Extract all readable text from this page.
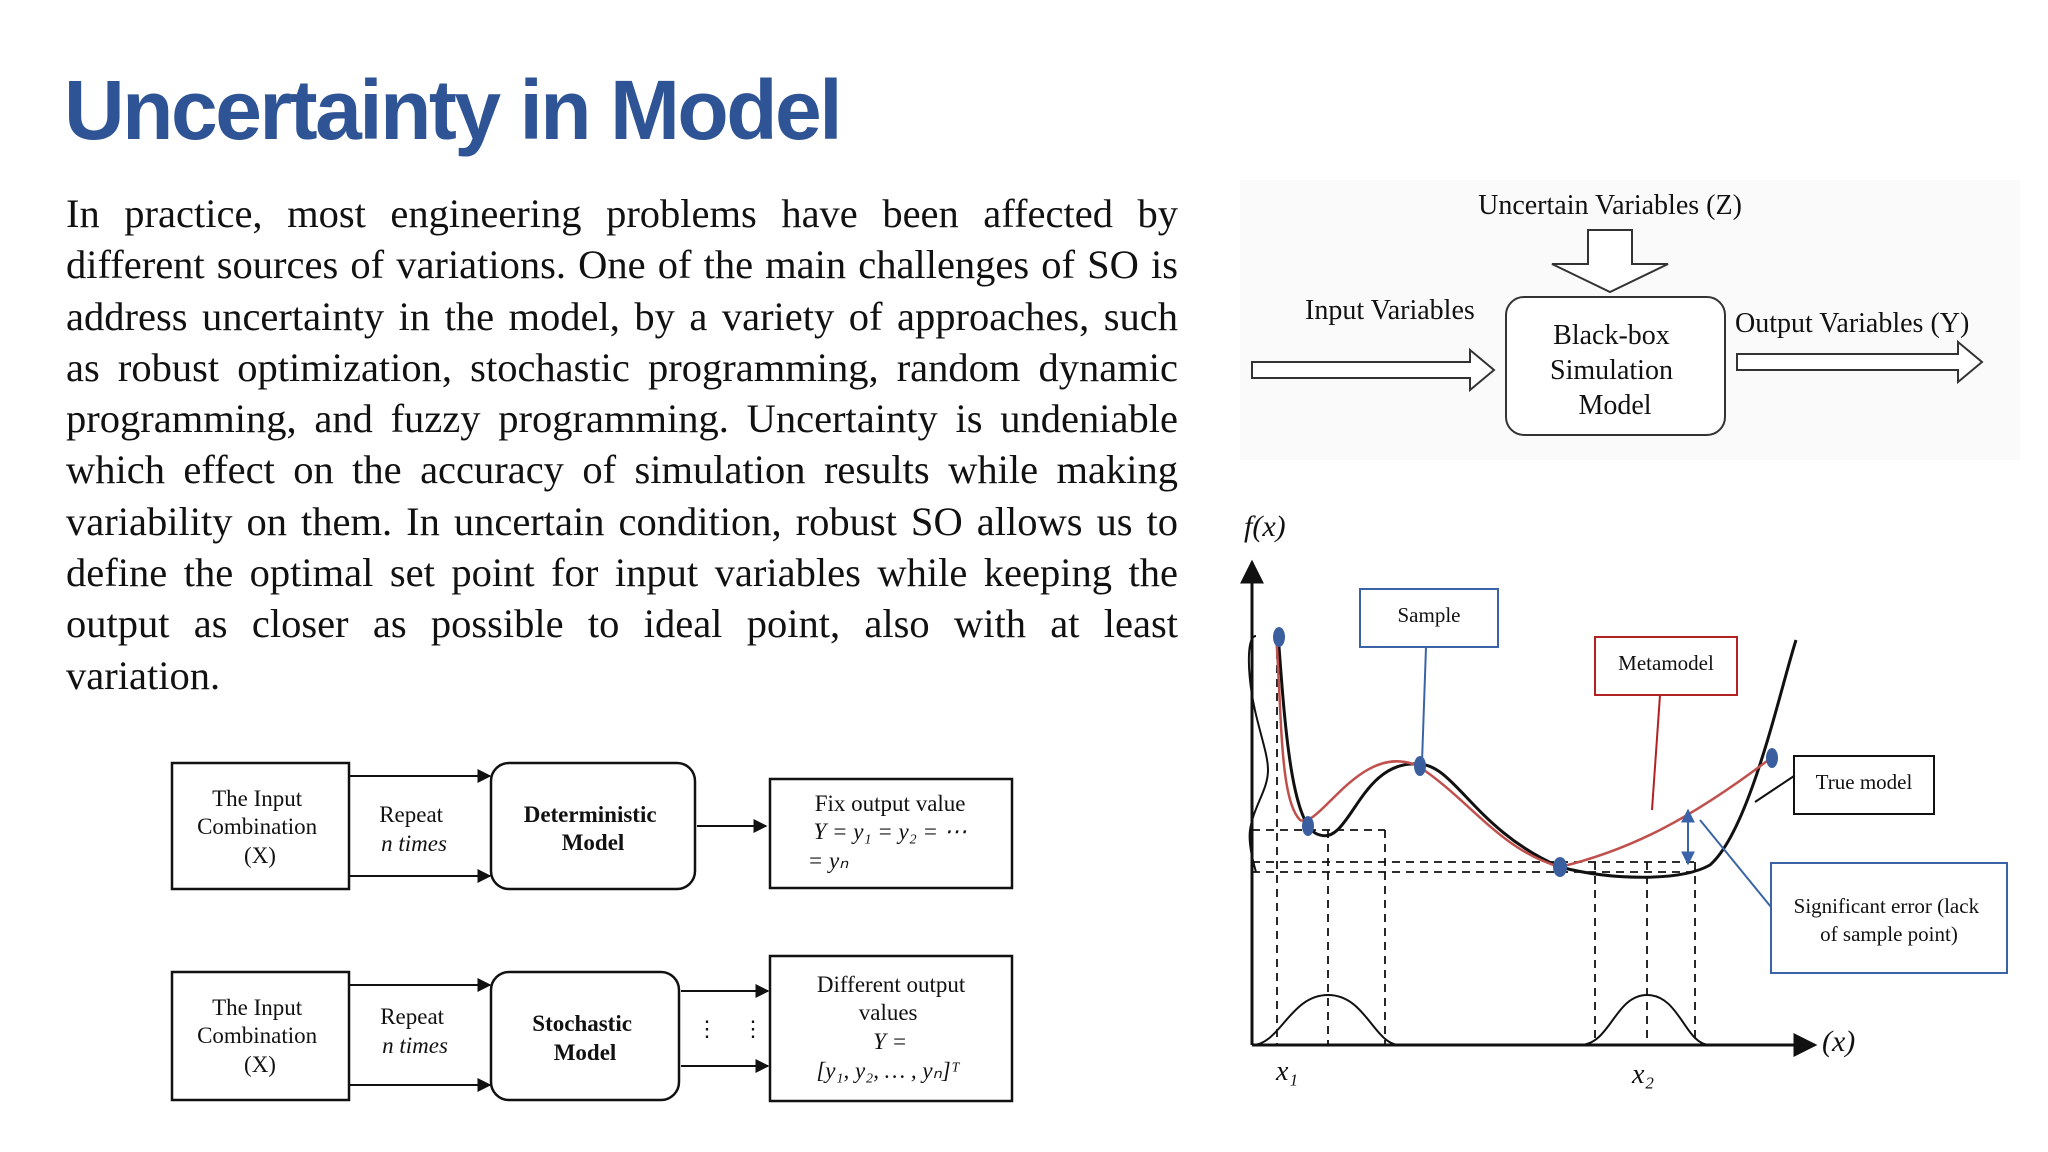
Uncertainty in Model

In practice, most engineering problems have been affected by different sources of variations. One of the main challenges of SO is address uncertainty in the model, by a variety of approaches, such as robust optimization, stochastic programming, random dynamic programming, and fuzzy programming. Uncertainty is undeniable which effect on the accuracy of simulation results while making variability on them. In uncertain condition, robust SO allows us to define the optimal set point for input variables while keeping the output as closer as possible to ideal point, also with at least variation.

The Input Combination (X)
Repeat n times
Deterministic Model
Fix output value Y = y₁ = y₂ = ⋯ = yₙ
The Input Combination (X)
Repeat n times
Stochastic Model
⋮ ⋮
Different output values Y = [y₁, y₂, … , yₙ]ᵀ
Uncertain Variables (Z)
Input Variables
Black-box Simulation Model
Output Variables (Y)
f(x)
(x)
x₁	x₂
Sample
Metamodel
True model
Significant error (lack of sample point)
